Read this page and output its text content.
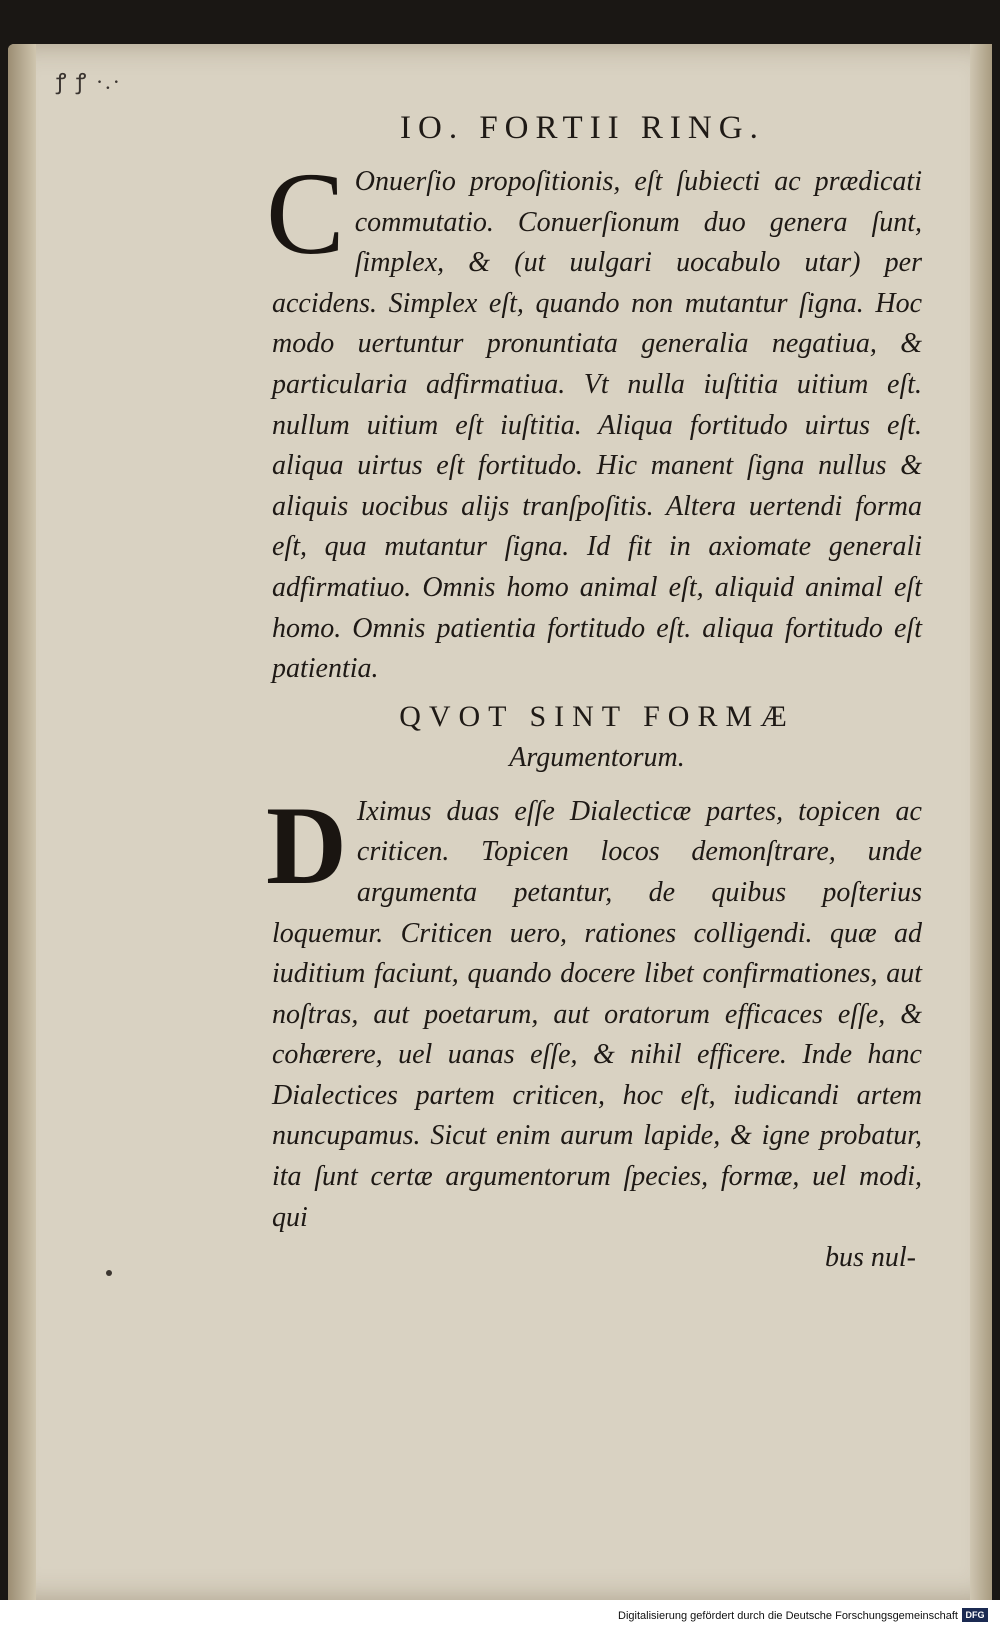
ꝭ ꝭ ·.·
IO. FORTII RING.

C Onuerſio propoſitionis, eſt ſubiecti ac prædicati commutatio. Conuerſionum duo genera ſunt, ſimplex, & (ut uulgari uocabulo utar) per accidens. Simplex eſt, quando non mutantur ſigna. Hoc modo uertuntur pronuntiata generalia negatiua, & particularia adfirmatiua. Vt nulla iuſtitia uitium eſt. nullum uitium eſt iuſtitia. Aliqua fortitudo uirtus eſt. aliqua uirtus eſt fortitudo. Hic manent ſigna nullus & aliquis uocibus alijs tranſpoſitis. Altera uertendi forma eſt, qua mutantur ſigna. Id fit in axiomate generali adfirmatiuo. Omnis homo animal eſt, aliquid animal eſt homo. Omnis patientia fortitudo eſt. aliqua fortitudo eſt patientia.

QVOT SINT FORMÆ
Argumentorum.

D Iximus duas eſſe Dialecticæ partes, topicen ac criticen. Topicen locos demonſtrare, unde argumenta petantur, de quibus poſterius loquemur. Criticen uero, rationes colligendi. quæ ad iuditium faciunt, quando docere libet confirmationes, aut noſtras, aut poetarum, aut oratorum efficaces eſſe, & cohærere, uel uanas eſſe, & nihil efficere. Inde hanc Dialectices partem criticen, hoc eſt, iudicandi artem nuncupamus. Sicut enim aurum lapide, & igne probatur, ita ſunt certæ argumentorum ſpecies, formæ, uel modi, qui

bus nul-

Digitalisierung gefördert durch die Deutsche Forschungsgemeinschaft DFG
